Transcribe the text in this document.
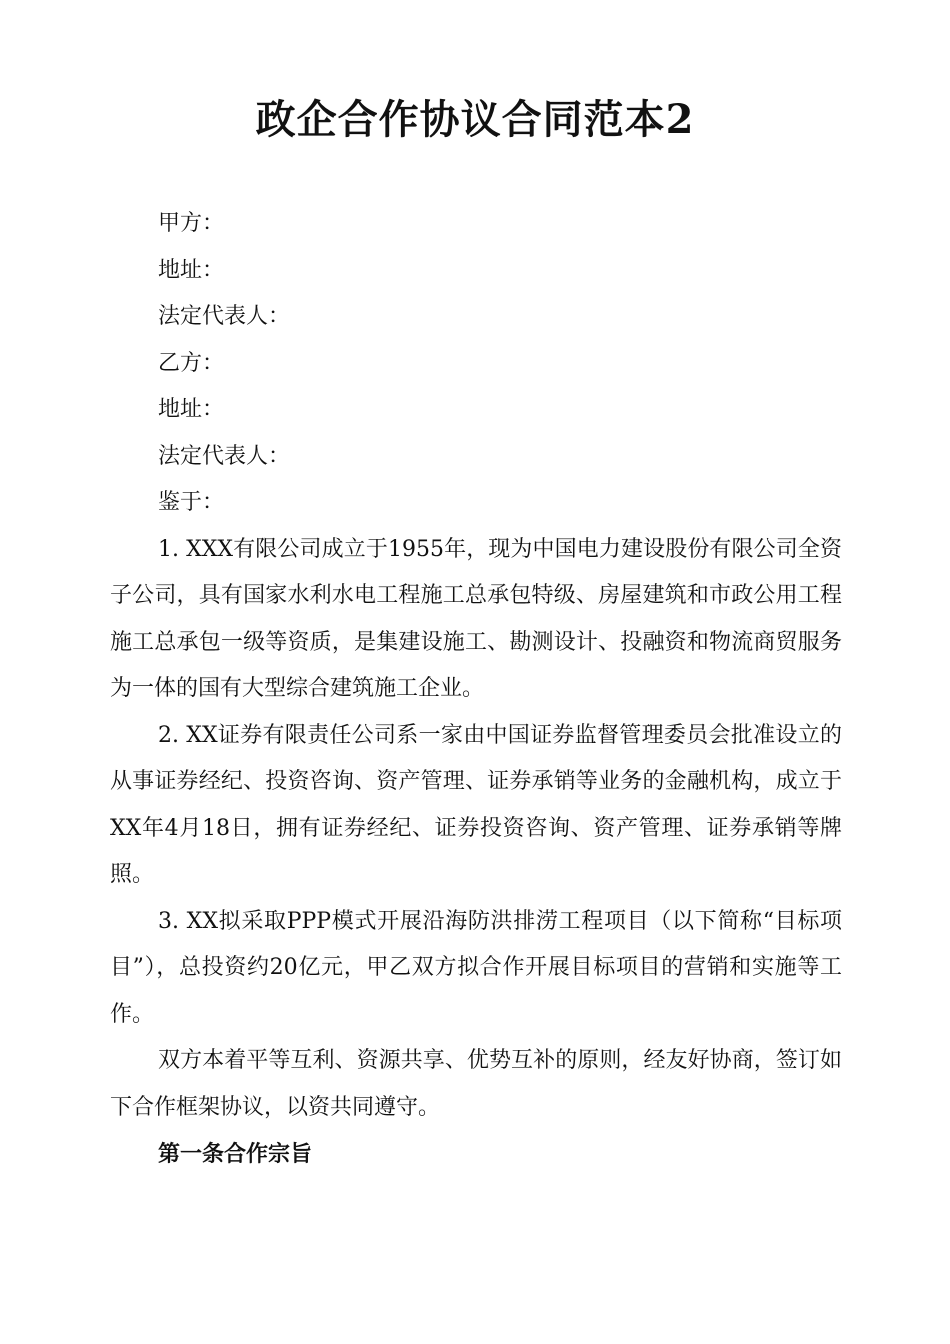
政企合作协议合同范本2

甲方：

地址：

法定代表人：

乙方：

地址：

法定代表人：

鉴于：

1. XXX有限公司成立于1955年，现为中国电力建设股份有限公司全资子公司，具有国家水利水电工程施工总承包特级、房屋建筑和市政公用工程施工总承包一级等资质，是集建设施工、勘测设计、投融资和物流商贸服务为一体的国有大型综合建筑施工企业。

2. XX证券有限责任公司系一家由中国证券监督管理委员会批准设立的从事证券经纪、投资咨询、资产管理、证券承销等业务的金融机构，成立于XX年4月18日，拥有证券经纪、证券投资咨询、资产管理、证券承销等牌照。

3. XX拟采取PPP模式开展沿海防洪排涝工程项目（以下简称“目标项目”），总投资约20亿元，甲乙双方拟合作开展目标项目的营销和实施等工作。

双方本着平等互利、资源共享、优势互补的原则，经友好协商，签订如下合作框架协议，以资共同遵守。

第一条合作宗旨
